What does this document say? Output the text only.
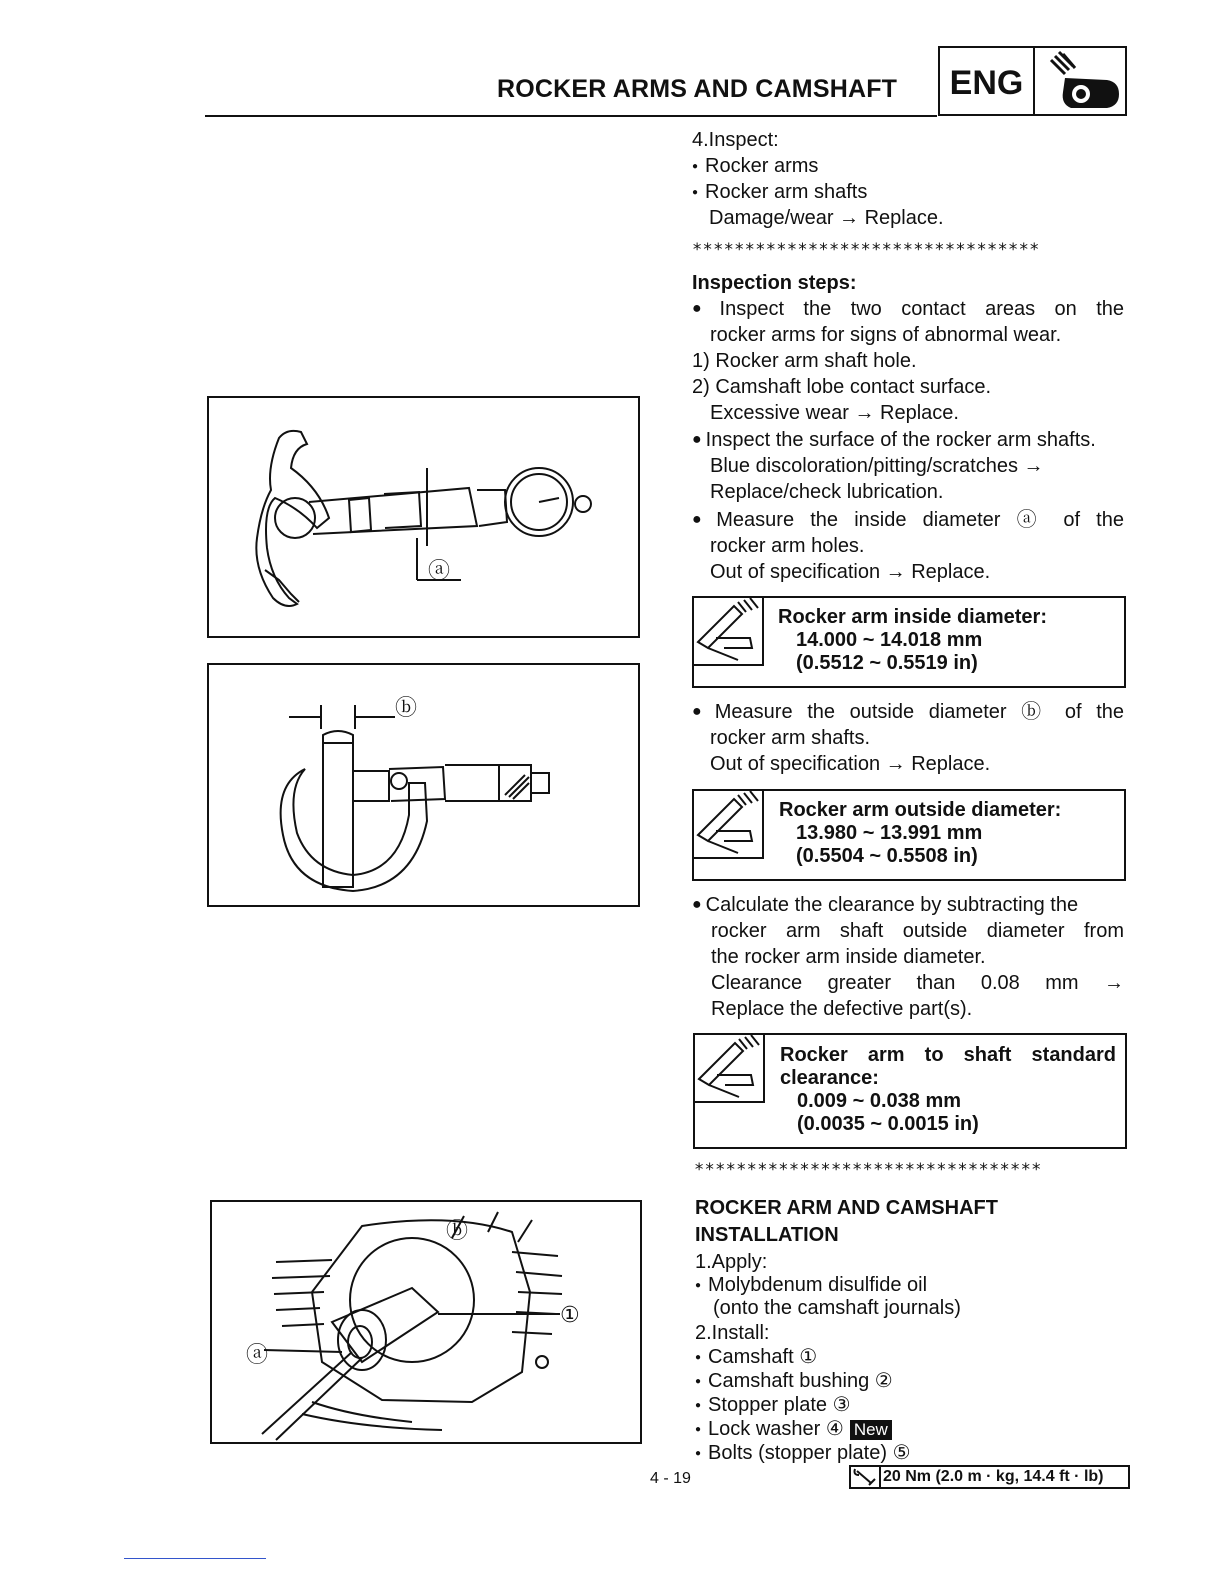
ROCKER ARMS AND CAMSHAFT	ENG
4.Inspect:
● Rocker arms
● Rocker arm shafts
Damage/wear → Replace.
*********************************
Inspection steps:
● Inspect the two contact areas on the
rocker arms for signs of abnormal wear.
1) Rocker arm shaft hole.
2) Camshaft lobe contact surface.
Excessive wear → Replace.
● Inspect the surface of the rocker arm shafts.
Blue discoloration/pitting/scratches →
Replace/check lubrication.
● Measure the inside diameter ⓐ of the
rocker arm holes.
Out of specification → Replace.
Rocker arm inside diameter:
14.000 ~ 14.018 mm
(0.5512 ~ 0.5519 in)
● Measure the outside diameter ⓑ of the
rocker arm shafts.
Out of specification → Replace.
Rocker arm outside diameter:
13.980 ~ 13.991 mm
(0.5504 ~ 0.5508 in)
● Calculate the clearance by subtracting the
rocker arm shaft outside diameter from
the rocker arm inside diameter.
Clearance greater than 0.08 mm →
Replace the defective part(s).
Rocker arm to shaft standard
clearance:
0.009 ~ 0.038 mm
(0.0035 ~ 0.0015 in)
*********************************
ROCKER ARM AND CAMSHAFT
INSTALLATION
1.Apply:
● Molybdenum disulfide oil
(onto the camshaft journals)
2.Install:
● Camshaft ①
● Camshaft bushing ②
● Stopper plate ③
● Lock washer ④ New
● Bolts (stopper plate) ⑤
20 Nm (2.0 m · kg, 14.4 ft · lb)
4 - 19
ⓐ
ⓑ
ⓑ
①
ⓐ
